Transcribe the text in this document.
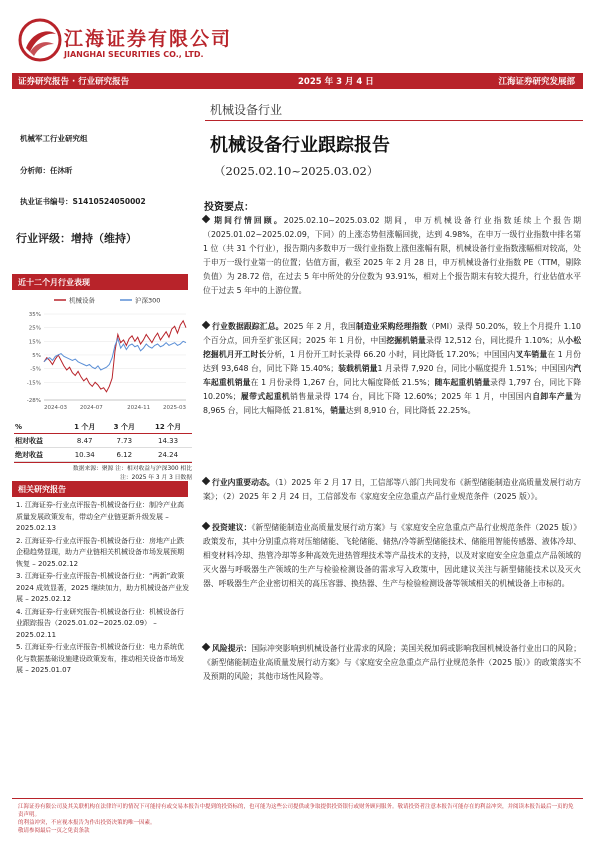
江海证券有限公司
JIANGHAI SECURITIES CO., LTD.
证券研究报告 · 行业研究报告	2025 年 3 月 4 日	江海证券研究发展部
机械设备行业
机械设备行业跟踪报告
（2025.02.10~2025.03.02）
机械军工行业研究组
分析师：任沐昕
执业证书编号：S1410524050002
行业评级：增持（维持）
近十二个月行业表现
机械设备	沪深300
35%
25%
15%
5%
-5%
-15%
-28%
2024-03 2024-07	2024-11 2025-03
%	1 个月	3 个月	12 个月
相对收益	8.47	7.73	14.33
绝对收益	10.34	6.12	24.24
数据来源：聚源 注：相对收益与沪深300 相比
注：2025 年 3 月 3 日数据
相关研究报告

1. 江海证券-行业点评报告-机械设备行业：制冷产业高质量发展政策发布，带动全产业链更新升级发展 – 2025.02.13

2. 江海证券-行业点评报告-机械设备行业：房地产止跌企稳趋势显现，助力产业链相关机械设备市场发展预期恢复 – 2025.02.12

3. 江海证券-行业点评报告-机械设备行业：“两新”政策 2024 成效显著，2025 继续加力，助力机械设备产业发展 – 2025.02.12

4. 江海证券-行业研究报告-机械设备行业：机械设备行业跟踪报告（2025.01.02~2025.02.09） – 2025.02.11

5. 江海证券-行业点评报告-机械设备行业：电力系统优化与数据基础设施建设政策发布，推动相关设备市场发展 – 2025.01.07

投资要点：
期间行情回顾。2025.02.10~2025.03.02 期间，申万机械设备行业指数延续上个报告期（2025.01.02~2025.02.09，下同）的上涨态势但涨幅回拢，达到 4.98%，在申万一级行业指数中排名第 1 位（共 31 个行业），报告期内多数申万一级行业指数上涨但涨幅有限，机械设备行业指数涨幅相对较高，处于申万一级行业第一的位置；估值方面，截至 2025 年 2 月 28 日，申万机械设备行业指数 PE（TTM，剔除负值）为 28.72 倍，在过去 5 年中所处的分位数为 93.91%，相对上个报告期末有较大提升，行业估值水平位于过去 5 年中的上游位置。
行业数据跟踪汇总。2025 年 2 月，我国制造业采购经理指数（PMI）录得 50.20%，较上个月提升 1.10 个百分点，回升至扩张区间；2025 年 1 月份，中国挖掘机销量录得 12,512 台，同比提升 1.10%；从小松挖掘机月开工时长分析，1 月份开工时长录得 66.20 小时，同比降低 17.20%；中国国内叉车销量在 1 月份达到 93,648 台，同比下降 15.40%；装载机销量1 月录得 7,920 台，同比小幅度提升 1.51%；中国国内汽车起重机销量在 1 月份录得 1,267 台，同比大幅度降低 21.5%；随车起重机销量录得 1,797 台，同比下降 10.20%；履带式起重机销售量录得 174 台，同比下降 12.60%；2025 年 1 月，中国国内自卸车产量为 8,965 台，同比大幅降低 21.81%，销量达到 8,910 台，同比降低 22.25%。
行业内重要动态。（1）2025 年 2 月 17 日，工信部等八部门共同发布《新型储能制造业高质量发展行动方案》；（2）2025 年 2 月 24 日，工信部发布《家庭安全应急重点产品行业规范条件（2025 版）》。
投资建议：《新型储能制造业高质量发展行动方案》与《家庭安全应急重点产品行业规范条件（2025 版）》政策发布，其中分别重点将对压缩储能、飞轮储能、储热/冷等新型储能技术、储能用智能传感器、液体冷却、相变材料冷却、热管冷却等多种高效先进热管理技术等产品技术的支持，以及对家庭安全应急重点产品领域的灭火器与呼吸器生产领域的生产与检验检测设备的需求写入政策中，因此建议关注与新型储能技术以及灭火器、呼吸器生产企业密切相关的高压容器、换热器、生产与检验检测设备等领域相关的机械设备上市标的。
风险提示：国际冲突影响到机械设备行业需求的风险；美国关税加码或影响我国机械设备行业出口的风险；《新型储能制造业高质量发展行动方案》与《家庭安全应急重点产品行业规范条件（2025 版）》的政策落实不及预期的风险；其他市场性风险等。
江海证券有限公司及其关联机构在法律许可的情况下可能持有或交易本报告中提到的投资标的，也可能为这些公司提供或争取提供投资银行或财务顾问服务。敬请投资者注意本报告可能存在的利益冲突，并阅读本报告最后一页的免责声明。
的利益冲突，不应视本报告为作出投资决策的唯一因素。
敬请参阅最后一页之免责条款
